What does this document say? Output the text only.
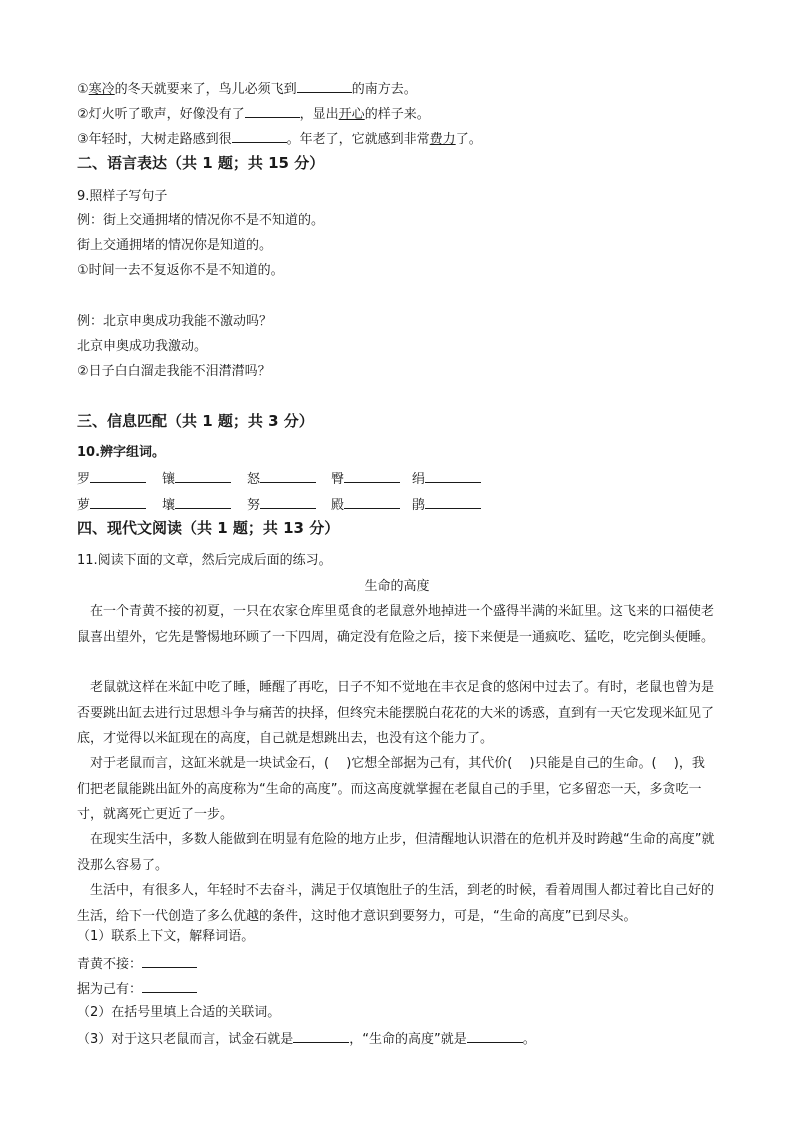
①寒冷的冬天就要来了，鸟儿必须飞到	的南方去。
②灯火听了歌声，好像没有了	，显出开心的样子来。
③年轻时，大树走路感到很	。年老了，它就感到非常费力了。
二、语言表达（共 1 题；共 15 分）
9.照样子写句子
例：街上交通拥堵的情况你不是不知道的。
街上交通拥堵的情况你是知道的。
①时间一去不复返你不是不知道的。
例：北京申奥成功我能不激动吗？
北京申奥成功我激动。
②日子白白溜走我能不泪潸潸吗？
三、信息匹配（共 1 题；共 3 分）
10.辨字组词。
罗	镶	怒	臀	绢
萝	壤	努	殿	鹃
四、现代文阅读（共 1 题；共 13 分）
11.阅读下面的文章，然后完成后面的练习。
生命的高度
在一个青黄不接的初夏，一只在农家仓库里觅食的老鼠意外地掉进一个盛得半满的米缸里。这飞来的口福使老鼠喜出望外，它先是警惕地环顾了一下四周，确定没有危险之后，接下来便是一通疯吃、猛吃，吃完倒头便睡。
老鼠就这样在米缸中吃了睡，睡醒了再吃，日子不知不觉地在丰衣足食的悠闲中过去了。有时，老鼠也曾为是否要跳出缸去进行过思想斗争与痛苦的抉择，但终究未能摆脱白花花的大米的诱惑，直到有一天它发现米缸见了底，才觉得以米缸现在的高度，自己就是想跳出去，也没有这个能力了。
对于老鼠而言，这缸米就是一块试金石，(　 )它想全部据为己有，其代价(　 )只能是自己的生命。(　 )，我们把老鼠能跳出缸外的高度称为“生命的高度”。而这高度就掌握在老鼠自己的手里，它多留恋一天，多贪吃一寸，就离死亡更近了一步。
在现实生活中，多数人能做到在明显有危险的地方止步，但清醒地认识潜在的危机并及时跨越“生命的高度”就没那么容易了。
生活中，有很多人，年轻时不去奋斗，满足于仅填饱肚子的生活，到老的时候，看着周围人都过着比自己好的生活，给下一代创造了多么优越的条件，这时他才意识到要努力，可是，“生命的高度”已到尽头。
（1）联系上下文，解释词语。
青黄不接：
据为己有：
（2）在括号里填上合适的关联词。
（3）对于这只老鼠而言，试金石就是	，“生命的高度”就是	。
